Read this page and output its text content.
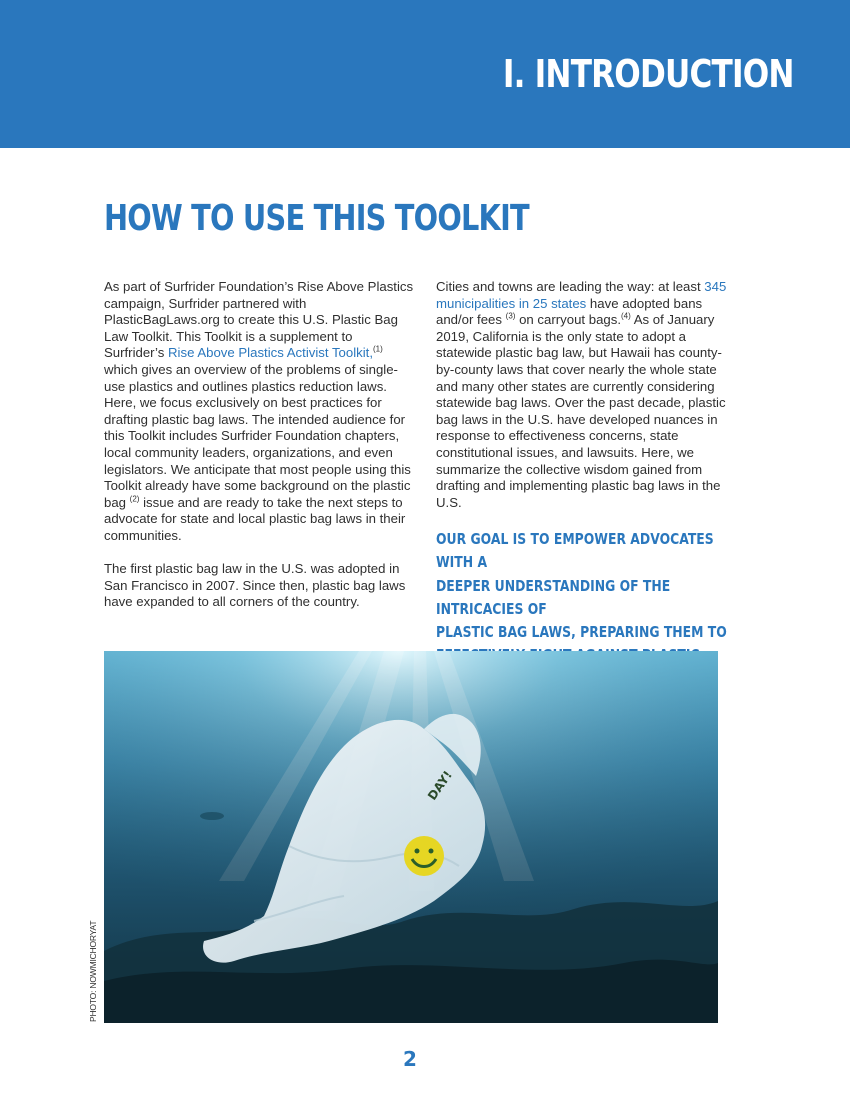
I. INTRODUCTION
HOW TO USE THIS TOOLKIT

As part of Surfrider Foundation’s Rise Above Plastics campaign, Surfrider partnered with PlasticBagLaws.org to create this U.S. Plastic Bag Law Toolkit. This Toolkit is a supplement to Surfrider’s Rise Above Plastics Activist Toolkit,$^{(1)}$ which gives an overview of the problems of single-use plastics and outlines plastics reduction laws. Here, we focus exclusively on best practices for drafting plastic bag laws. The intended audience for this Toolkit includes Surfrider Foundation chapters, local community leaders, organizations, and even legislators. We anticipate that most people using this Toolkit already have some background on the plastic bag $^{(2)}$ issue and are ready to take the next steps to advocate for state and local plastic bag laws in their communities.

The first plastic bag law in the U.S. was adopted in San Francisco in 2007. Since then, plastic bag laws have expanded to all corners of the country.

Cities and towns are leading the way: at least 345 municipalities in 25 states have adopted bans and/or fees $^{(3)}$ on carryout bags.$^{(4)}$ As of January 2019, California is the only state to adopt a statewide plastic bag law, but Hawaii has county-by-county laws that cover nearly the whole state and many other states are currently considering statewide bag laws. Over the past decade, plastic bag laws in the U.S. have developed nuances in response to effectiveness concerns, state constitutional issues, and lawsuits. Here, we summarize the collective wisdom gained from drafting and implementing plastic bag laws in the U.S.

OUR GOAL IS TO EMPOWER ADVOCATES WITH A
DEEPER UNDERSTANDING OF THE INTRICACIES OF
PLASTIC BAG LAWS, PREPARING THEM TO
DAY!
PHOTO: NOWMICHORYAT
2
